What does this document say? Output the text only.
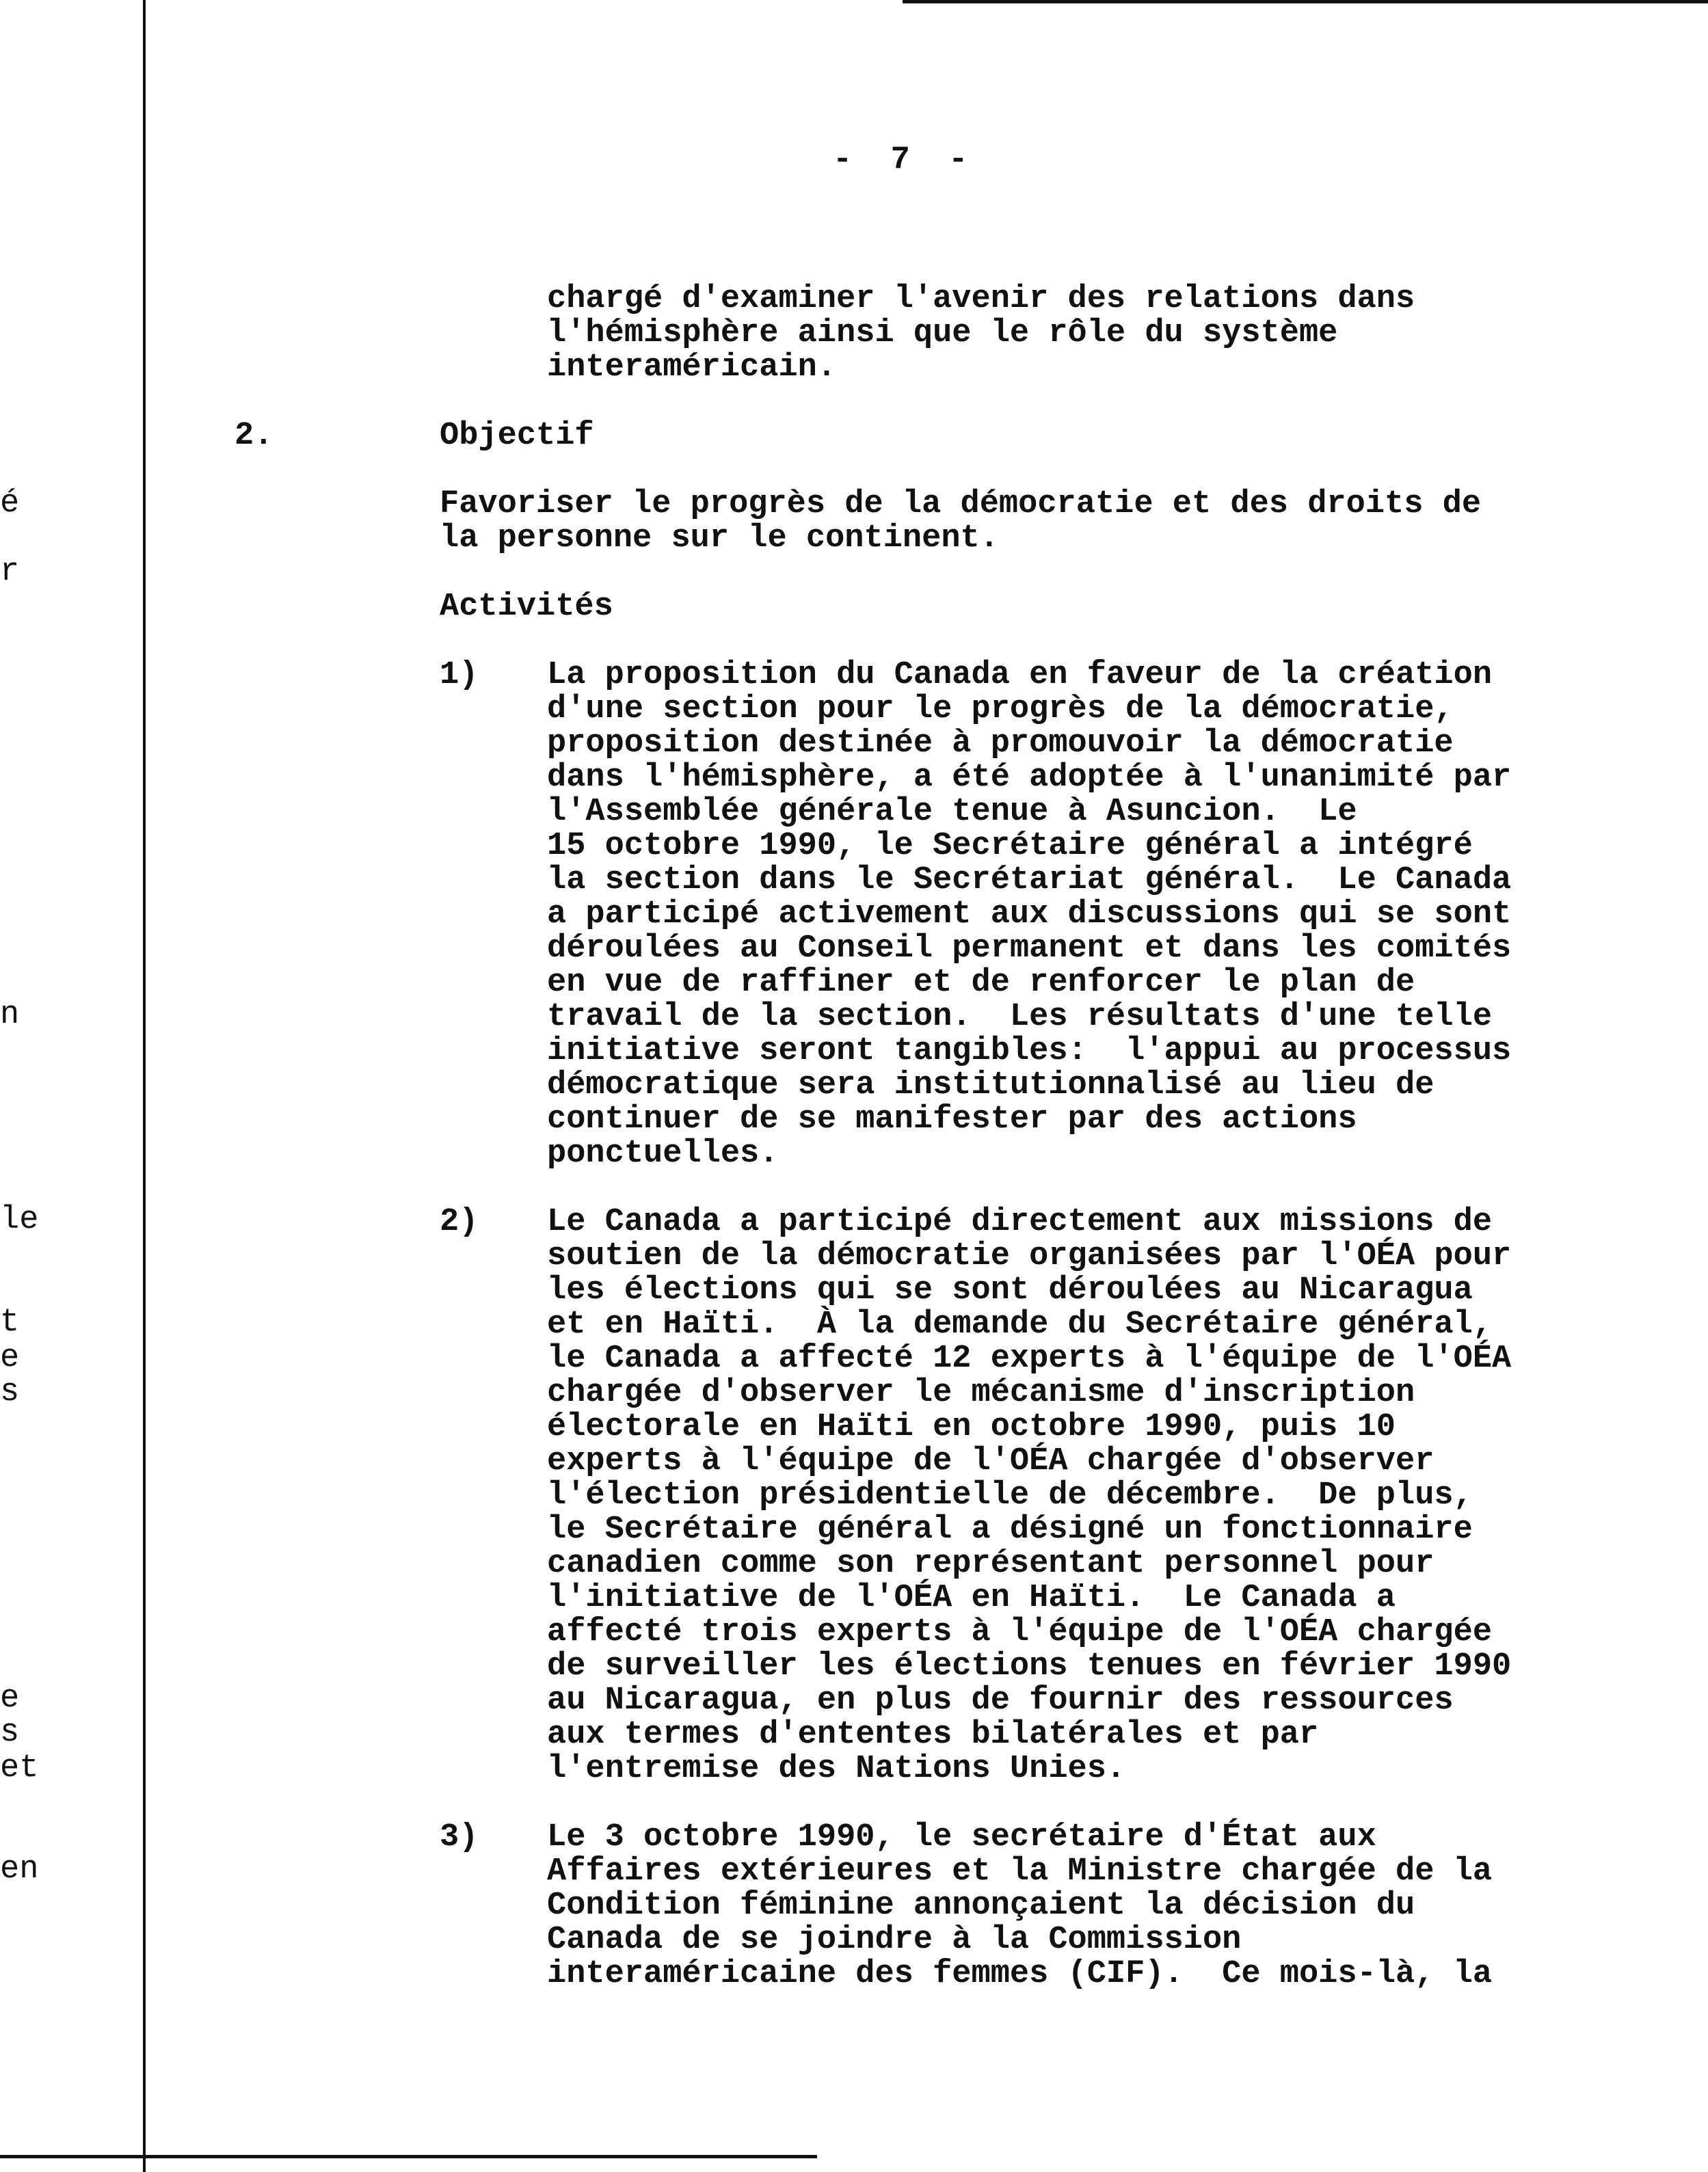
é
r
n
le
t
e
s
e
s
et
en
-  7  -
chargé d'examiner l'avenir des relations dans
l'hémisphère ainsi que le rôle du système
interaméricain.
2.	Objectif
Favoriser le progrès de la démocratie et des droits de
la personne sur le continent.
Activités
1) La proposition du Canada en faveur de la création
d'une section pour le progrès de la démocratie,
proposition destinée à promouvoir la démocratie
dans l'hémisphère, a été adoptée à l'unanimité par
l'Assemblée générale tenue à Asuncion.  Le
15 octobre 1990, le Secrétaire général a intégré
la section dans le Secrétariat général.  Le Canada
a participé activement aux discussions qui se sont
déroulées au Conseil permanent et dans les comités
en vue de raffiner et de renforcer le plan de
travail de la section.  Les résultats d'une telle
initiative seront tangibles:  l'appui au processus
démocratique sera institutionnalisé au lieu de
continuer de se manifester par des actions
ponctuelles.
2) Le Canada a participé directement aux missions de
soutien de la démocratie organisées par l'OÉA pour
les élections qui se sont déroulées au Nicaragua
et en Haïti.  À la demande du Secrétaire général,
le Canada a affecté 12 experts à l'équipe de l'OÉA
chargée d'observer le mécanisme d'inscription
électorale en Haïti en octobre 1990, puis 10
experts à l'équipe de l'OÉA chargée d'observer
l'élection présidentielle de décembre.  De plus,
le Secrétaire général a désigné un fonctionnaire
canadien comme son représentant personnel pour
l'initiative de l'OÉA en Haïti.  Le Canada a
affecté trois experts à l'équipe de l'OÉA chargée
de surveiller les élections tenues en février 1990
au Nicaragua, en plus de fournir des ressources
aux termes d'ententes bilatérales et par
l'entremise des Nations Unies.
3) Le 3 octobre 1990, le secrétaire d'État aux
Affaires extérieures et la Ministre chargée de la
Condition féminine annonçaient la décision du
Canada de se joindre à la Commission
interaméricaine des femmes (CIF).  Ce mois-là, la
